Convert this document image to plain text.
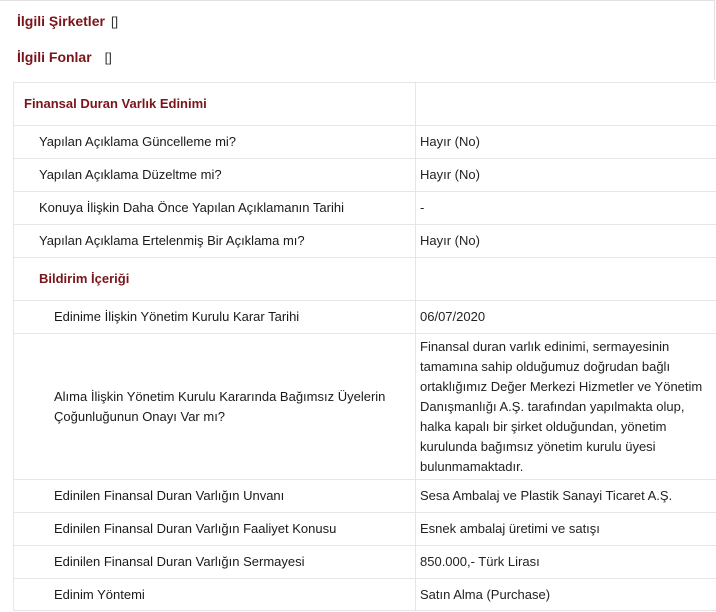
İlgili Şirketler []
İlgili Fonlar []
Finansal Duran Varlık Edinimi	
Yapılan Açıklama Güncelleme mi?	Hayır (No)
Yapılan Açıklama Düzeltme mi?	Hayır (No)
Konuya İlişkin Daha Önce Yapılan Açıklamanın Tarihi	-
Yapılan Açıklama Ertelenmiş Bir Açıklama mı?	Hayır (No)
Bildirim İçeriği	
Edinime İlişkin Yönetim Kurulu Karar Tarihi	06/07/2020
Alıma İlişkin Yönetim Kurulu Kararında Bağımsız Üyelerin Çoğunluğunun Onayı Var mı?	Finansal duran varlık edinimi, sermayesinin tamamına sahip olduğumuz doğrudan bağlı ortaklığımız Değer Merkezi Hizmetler ve Yönetim Danışmanlığı A.Ş. tarafından yapılmakta olup, halka kapalı bir şirket olduğundan, yönetim kurulunda bağımsız yönetim kurulu üyesi bulunmamaktadır.
Edinilen Finansal Duran Varlığın Unvanı	Sesa Ambalaj ve Plastik Sanayi Ticaret A.Ş.
Edinilen Finansal Duran Varlığın Faaliyet Konusu	Esnek ambalaj üretimi ve satışı
Edinilen Finansal Duran Varlığın Sermayesi	850.000,- Türk Lirası
Edinim Yöntemi	Satın Alma (Purchase)
